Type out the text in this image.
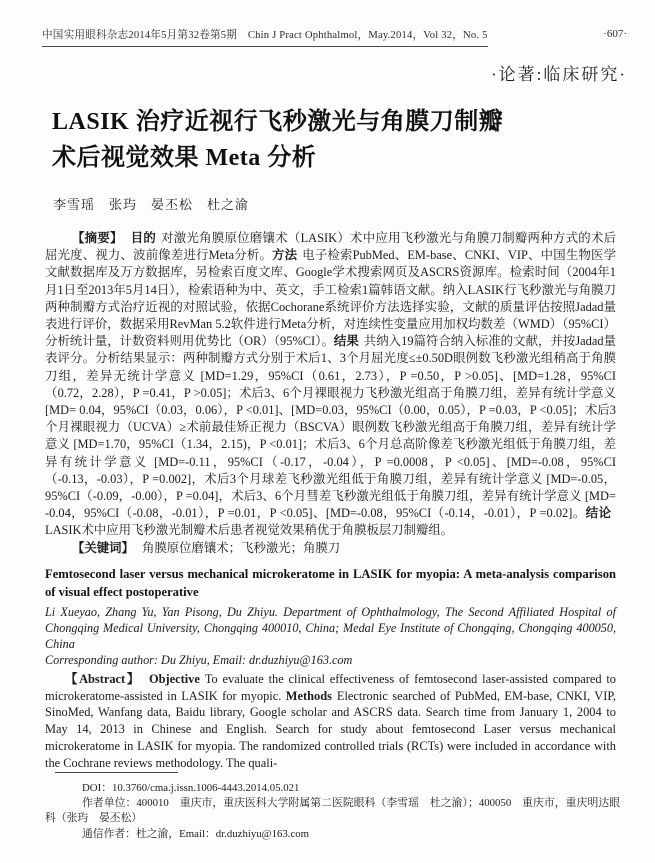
中国实用眼科杂志2014年5月第32卷第5期　Chin J Pract Ophthalmol，May.2014，Vol 32，No. 5	·607·
·论著:临床研究·
LASIK 治疗近视行飞秒激光与角膜刀制瓣
术后视觉效果 Meta 分析
李雪瑶　张玙　晏丕松　杜之渝

【摘要】 目的 对激光角膜原位磨镶术（LASIK）术中应用飞秒激光与角膜刀制瓣两种方式的术后屈光度、视力、波前像差进行Meta分析。方法 电子检索PubMed、EM-base、CNKI、VIP、中国生物医学文献数据库及万方数据库，另检索百度文库、Google学术搜索网页及ASCRS资源库。检索时间（2004年1月1日至2013年5月14日），检索语种为中、英文，手工检索1篇韩语文献。纳入LASIK行飞秒激光与角膜刀两种制瓣方式治疗近视的对照试验，依据Cochorane系统评价方法选择实验，文献的质量评估按照Jadad量表进行评价，数据采用RevMan 5.2软件进行Meta分析，对连续性变量应用加权均数差（WMD）（95%CI）分析统计量，计数资料则用优势比（OR）（95%CI）。结果 共纳入19篇符合纳入标准的文献，并按Jadad量表评分。分析结果显示：两种制瓣方式分别于术后1、3个月屈光度≤±0.50D眼例数飞秒激光组稍高于角膜刀组，差异无统计学意义 [MD=1.29，95%CI（0.61，2.73），P =0.50，P >0.05]、[MD=1.28，95%CI（0.72，2.28），P =0.41，P >0.05]；术后3、6个月裸眼视力飞秒激光组高于角膜刀组，差异有统计学意义 [MD= 0.04，95%CI（0.03，0.06），P <0.01]、[MD=0.03，95%CI（0.00，0.05），P =0.03，P <0.05]；术后3个月裸眼视力（UCVA）≥术前最佳矫正视力（BSCVA）眼例数飞秒激光组高于角膜刀组，差异有统计学意义 [MD=1.70，95%CI（1.34，2.15)，P <0.01]；术后3、6个月总高阶像差飞秒激光组低于角膜刀组，差异有统计学意义 [MD=-0.11，95%CI（-0.17，-0.04），P =0.0008，P <0.05]、[MD=-0.08，95%CI（-0.13，-0.03），P =0.002]，术后3个月球差飞秒激光组低于角膜刀组，差异有统计学意义 [MD=-0.05，95%CI（-0.09，-0.00），P =0.04]，术后3、6个月彗差飞秒激光组低于角膜刀组，差异有统计学意义 [MD= -0.04，95%CI（-0.08，-0.01），P =0.01，P <0.05]、[MD=-0.08，95%CI（-0.14，-0.01），P =0.02]。结论LASIK术中应用飞秒激光制瓣术后患者视觉效果稍优于角膜板层刀制瓣组。

【关键词】 角膜原位磨镶术；飞秒激光；角膜刀

Femtosecond laser versus mechanical microkeratome in LASIK for myopia: A meta-analysis comparison of visual effect postoperative

Li Xueyao, Zhang Yu, Yan Pisong, Du Zhiyu. Department of Ophthalmology, The Second Affiliated Hospital of Chongqing Medical University, Chongqing 400010, China; Medal Eye Institute of Chongqing, Chongqing 400050, China

Corresponding author: Du Zhiyu, Email: dr.duzhiyu@163.com

【Abstract】 Objective To evaluate the clinical effectiveness of femtosecond laser-assisted compared to microkeratome-assisted in LASIK for myopic. Methods Electronic searched of PubMed, EM-base, CNKI, VIP, SinoMed, Wanfang data, Baidu library, Google scholar and ASCRS data. Search time from January 1, 2004 to May 14, 2013 in Chinese and English. Search for study about femtosecond Laser versus mechanical microkeratome in LASIK for myopia. The randomized controlled trials (RCTs) were included in accordance with the Cochrane reviews methodology. The quali-

DOI：10.3760/cma.j.issn.1006-4443.2014.05.021

作者单位：400010　重庆市，重庆医科大学附属第二医院眼科（李雪瑶　杜之渝）；400050　重庆市，重庆明达眼科（张玙　晏丕松）

通信作者：杜之渝，Email：dr.duzhiyu@163.com
